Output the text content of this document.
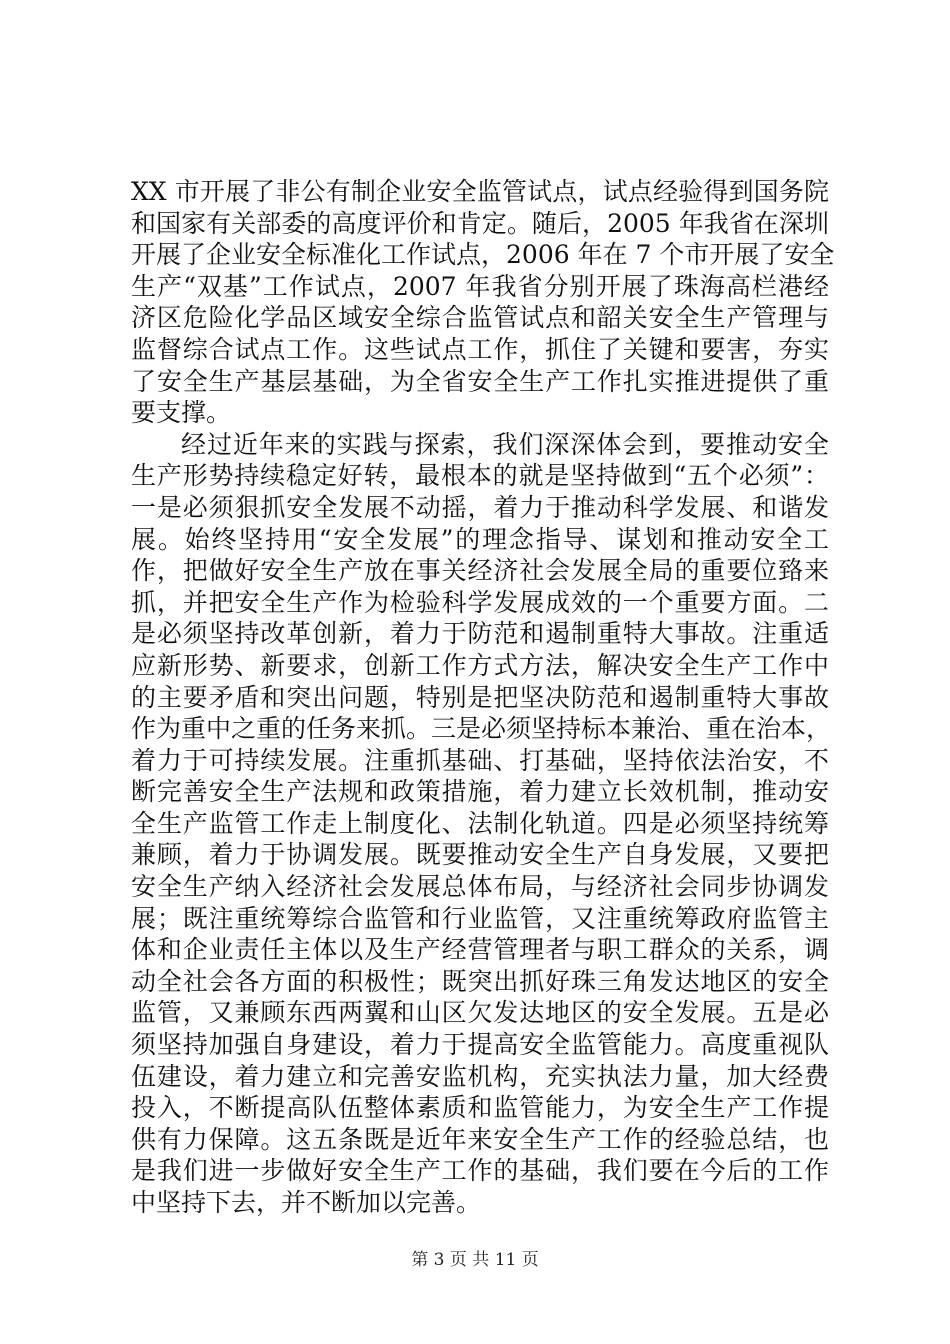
XX 市开展了非公有制企业安全监管试点，试点经验得到国务院
和国家有关部委的高度评价和肯定。随后，2005 年我省在深圳
开展了企业安全标准化工作试点，2006 年在 7 个市开展了安全
生产“双基”工作试点，2007 年我省分别开展了珠海高栏港经
济区危险化学品区域安全综合监管试点和韶关安全生产管理与
监督综合试点工作。这些试点工作，抓住了关键和要害，夯实
了安全生产基层基础，为全省安全生产工作扎实推进提供了重
要支撑。
经过近年来的实践与探索，我们深深体会到，要推动安全
生产形势持续稳定好转，最根本的就是坚持做到“五个必须”：
一是必须狠抓安全发展不动摇，着力于推动科学发展、和谐发
展。始终坚持用“安全发展”的理念指导、谋划和推动安全工
作，把做好安全生产放在事关经济社会发展全局的重要位臵来
抓，并把安全生产作为检验科学发展成效的一个重要方面。二
是必须坚持改革创新，着力于防范和遏制重特大事故。注重适
应新形势、新要求，创新工作方式方法，解决安全生产工作中
的主要矛盾和突出问题，特别是把坚决防范和遏制重特大事故
作为重中之重的任务来抓。三是必须坚持标本兼治、重在治本，
着力于可持续发展。注重抓基础、打基础，坚持依法治安，不
断完善安全生产法规和政策措施，着力建立长效机制，推动安
全生产监管工作走上制度化、法制化轨道。四是必须坚持统筹
兼顾，着力于协调发展。既要推动安全生产自身发展，又要把
安全生产纳入经济社会发展总体布局，与经济社会同步协调发
展；既注重统筹综合监管和行业监管，又注重统筹政府监管主
体和企业责任主体以及生产经营管理者与职工群众的关系，调
动全社会各方面的积极性；既突出抓好珠三角发达地区的安全
监管，又兼顾东西两翼和山区欠发达地区的安全发展。五是必
须坚持加强自身建设，着力于提高安全监管能力。高度重视队
伍建设，着力建立和完善安监机构，充实执法力量，加大经费
投入，不断提高队伍整体素质和监管能力，为安全生产工作提
供有力保障。这五条既是近年来安全生产工作的经验总结，也
是我们进一步做好安全生产工作的基础，我们要在今后的工作
中坚持下去，并不断加以完善。
第 3 页 共 11 页
